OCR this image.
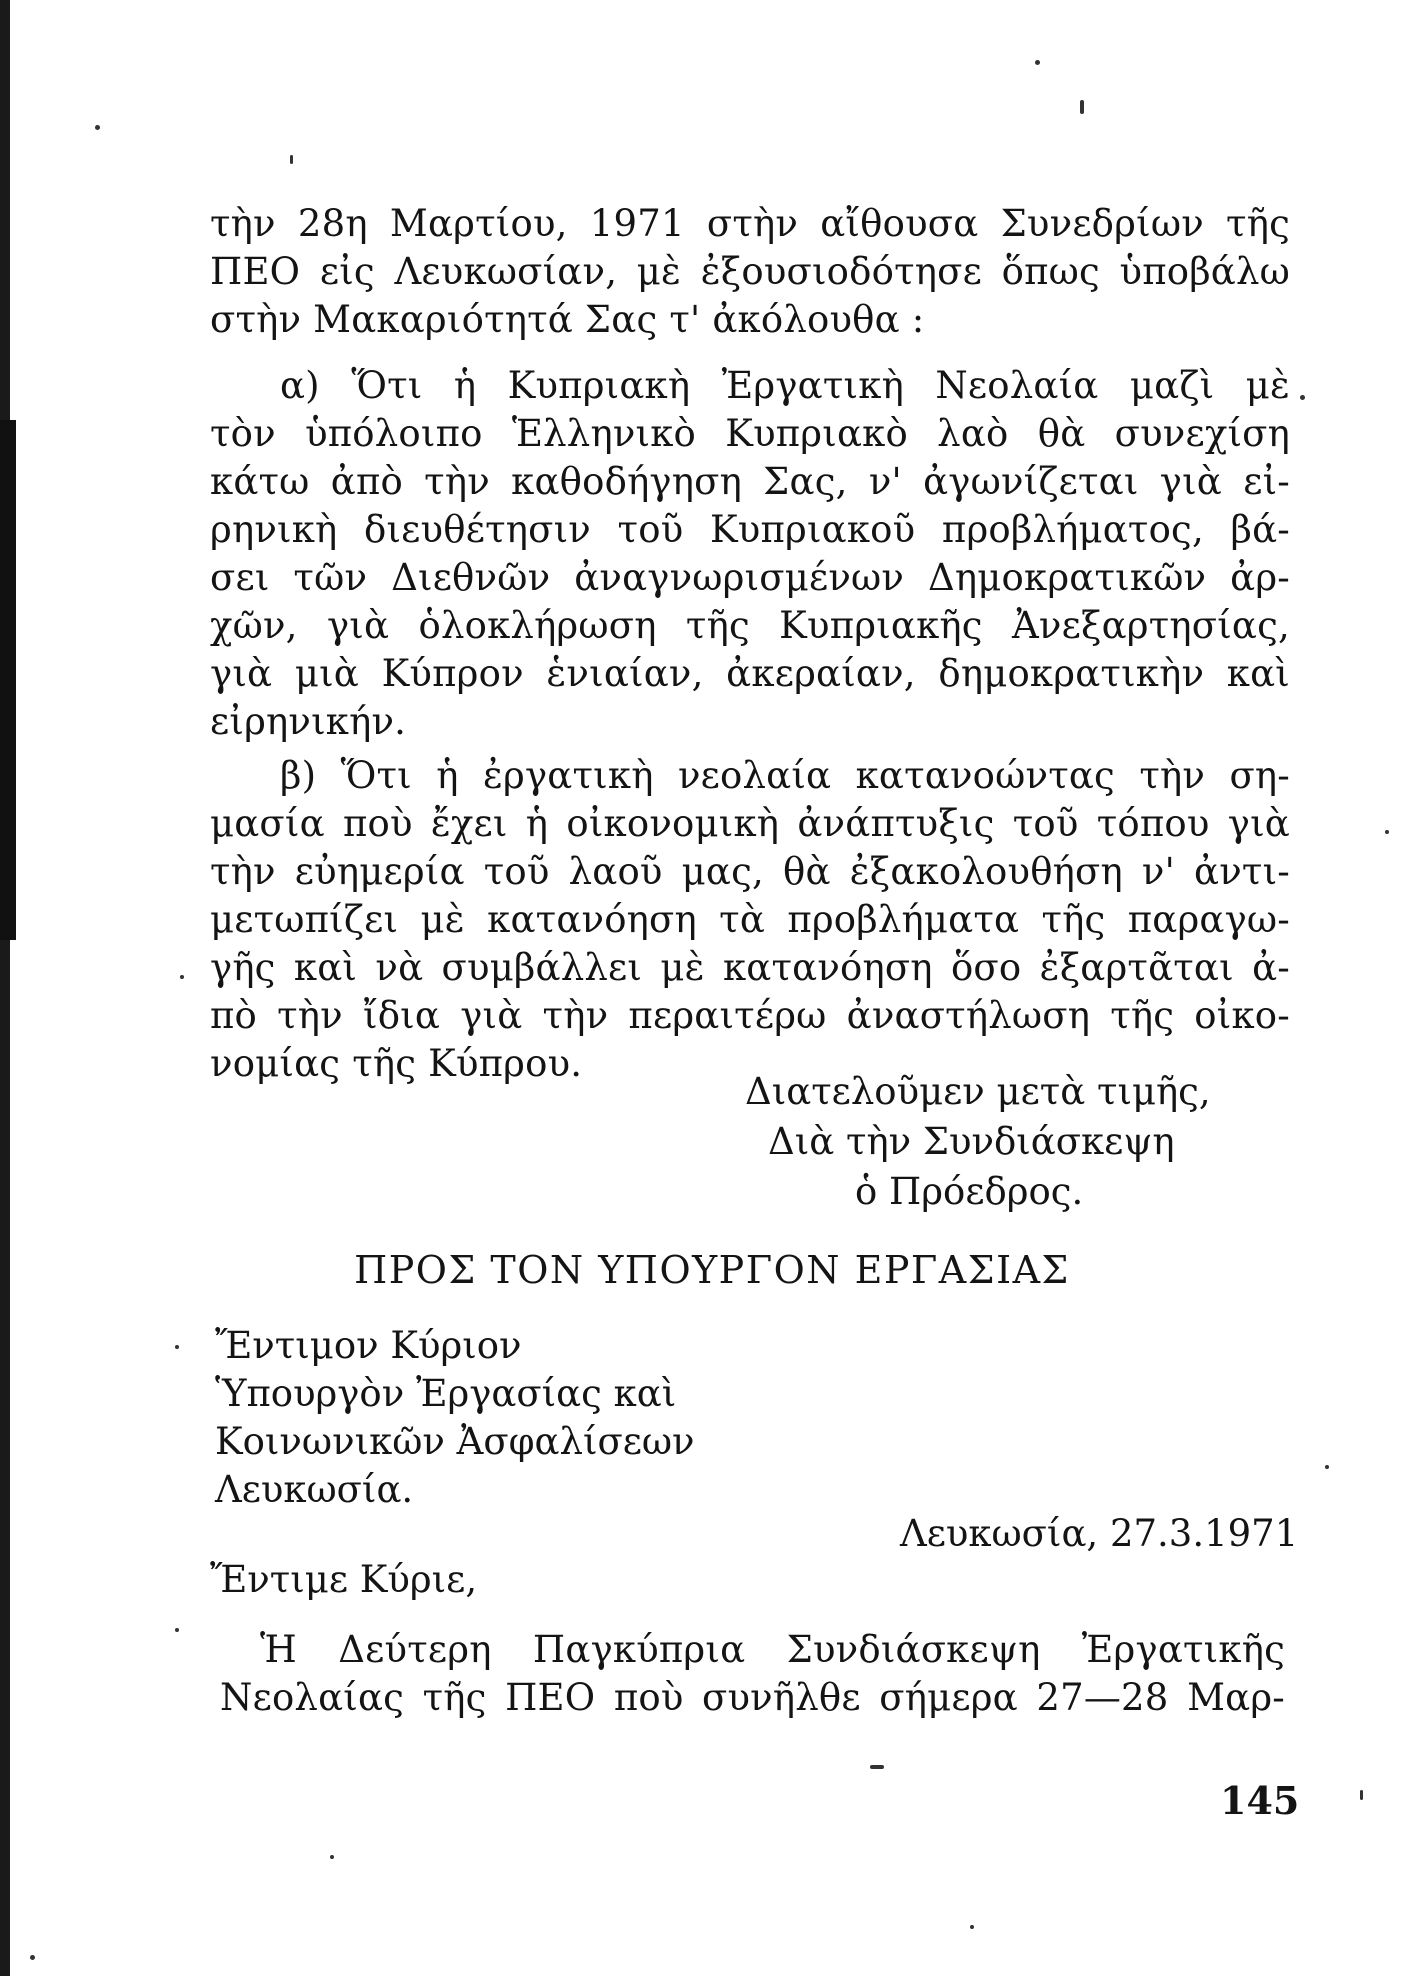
τὴν 28η Μαρτίου, 1971 στὴν αἴθουσα Συνεδρίων τῆς
ΠΕΟ εἰς Λευκωσίαν, μὲ ἐξουσιοδότησε ὅπως ὑποβάλω
στὴν Μακαριότητά Σας τ' ἀκόλουθα :
α) Ὅτι ἡ Κυπριακὴ Ἐργατικὴ Νεολαία μαζὶ μὲ
τὸν ὑπόλοιπο Ἑλληνικὸ Κυπριακὸ λαὸ θὰ συνεχίση
κάτω ἀπὸ τὴν καθοδήγηση Σας, ν' ἀγωνίζεται γιὰ εἰ-
ρηνικὴ διευθέτησιν τοῦ Κυπριακοῦ προβλήματος, βά-
σει τῶν Διεθνῶν ἀναγνωρισμένων Δημοκρατικῶν ἀρ-
χῶν, γιὰ ὁλοκλήρωση τῆς Κυπριακῆς Ἀνεξαρτησίας,
γιὰ μιὰ Κύπρον ἑνιαίαν, ἀκεραίαν, δημοκρατικὴν καὶ
εἰρηνικήν.
β) Ὅτι ἡ ἐργατικὴ νεολαία κατανοώντας τὴν ση-
μασία ποὺ ἔχει ἡ οἰκονομικὴ ἀνάπτυξις τοῦ τόπου γιὰ
τὴν εὐημερία τοῦ λαοῦ μας, θὰ ἐξακολουθήση ν' ἀντι-
μετωπίζει μὲ κατανόηση τὰ προβλήματα τῆς παραγω-
γῆς καὶ νὰ συμβάλλει μὲ κατανόηση ὅσο ἐξαρτᾶται ἀ-
πὸ τὴν ἴδια γιὰ τὴν περαιτέρω ἀναστήλωση τῆς οἰκο-
νομίας τῆς Κύπρου.
Διατελοῦμεν μετὰ τιμῆς,
Διὰ τὴν Συνδιάσκεψη
ὁ Πρόεδρος.
ΠΡΟΣ ΤΟΝ ΥΠΟΥΡΓΟΝ ΕΡΓΑΣΙΑΣ
Ἔντιμον Κύριον
Ὑπουργὸν Ἐργασίας καὶ
Κοινωνικῶν Ἀσφαλίσεων
Λευκωσία.
Λευκωσία, 27.3.1971
Ἔντιμε Κύριε,
Ἡ Δεύτερη Παγκύπρια Συνδιάσκεψη Ἐργατικῆς
Νεολαίας τῆς ΠΕΟ ποὺ συνῆλθε σήμερα 27—28 Μαρ-
145
